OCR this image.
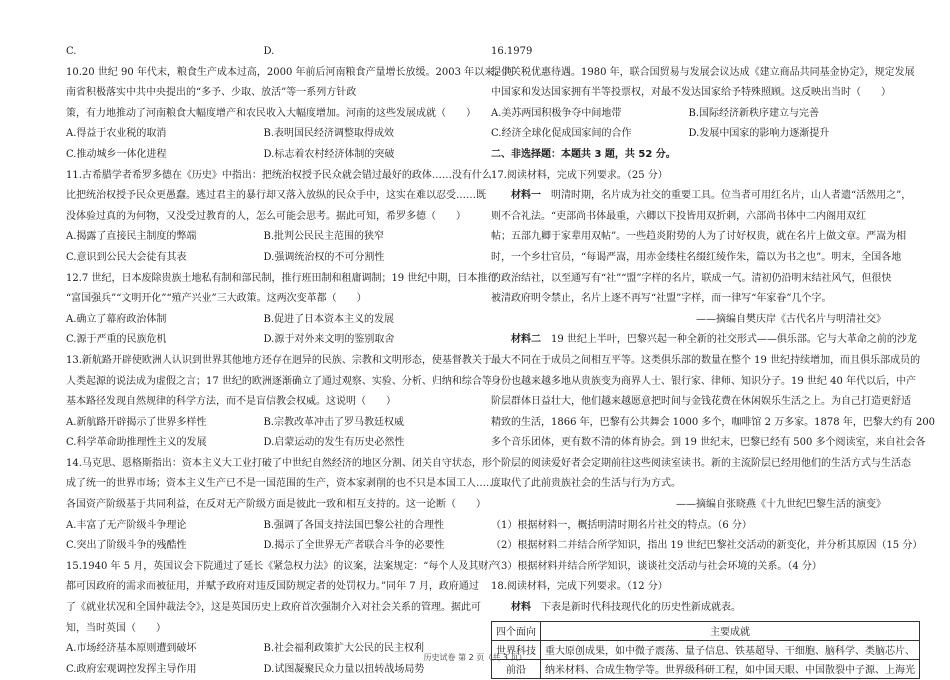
C.	D.
10.20 世纪 90 年代末，粮食生产成本过高，2000 年前后河南粮食产量增长放缓。2003 年以来，河
南省积极落实中共中央提出的“多予、少取、放活”等一系列方针政
策，有力地推动了河南粮食大幅度增产和农民收入大幅度增加。河南的这些发展成就（　　）
A.得益于农业税的取消	B.表明国民经济调整取得成效
C.推动城乡一体化进程	D.标志着农村经济体制的突破
11.古希腊学者希罗多德在《历史》中指出：把统治权授予民众就会错过最好的政体……没有什么
比把统治权授予民众更愚蠢。逃过君主的暴行却又落入放纵的民众手中，这实在难以忍受……既
没体验过真的为何物，又没受过教育的人，怎么可能会思考。据此可知，希罗多德（　　）
A.揭露了直接民主制度的弊端	B.批判公民民主范围的狭窄
C.意识到公民大会徒有其表	D.强调统治权的不可分割性
12.7 世纪，日本废除贵族土地私有制和部民制，推行班田制和租庸调制；19 世纪中期，日本推行
“富国强兵”“文明开化”“殖产兴业”三大政策。这两次变革都（　　）
A.确立了幕府政治体制	B.促进了日本资本主义的发展
C.源于严重的民族危机	D.源于对外来文明的鉴别取舍
13.新航路开辟使欧洲人认识到世界其他地方还存在迥异的民族、宗教和文明形态，使基督教关于
人类起源的说法成为虚假之言；17 世纪的欧洲逐渐确立了通过观察、实验、分析、归纳和综合等
基本路径发现自然规律的科学方法，而不是盲信教会权威。这说明（　　）
A.新航路开辟揭示了世界多样性	B.宗教改革冲击了罗马教廷权威
C.科学革命助推理性主义的发展	D.启蒙运动的发生有历史必然性
14.马克思、恩格斯指出：资本主义大工业打破了中世纪自然经济的地区分割、闭关自守状态，形
成了统一的世界市场；资本主义生产已不是一国范围的生产，资本家剥削的也不只是本国工人……
各国资产阶级基于共同利益，在反对无产阶级方面是彼此一致和相互支持的。这一论断（　　）
A.丰富了无产阶级斗争理论	B.强调了各国支持法国巴黎公社的合理性
C.突出了阶级斗争的残酷性	D.揭示了全世界无产者联合斗争的必要性
15.1940 年 5 月，英国议会下院通过了延长《紧急权力法》的议案，法案规定：“每个人及其财产
都可因政府的需求而被征用，并赋予政府对违反国防规定者的处罚权力。”同年 7 月，政府通过
了《就业状况和全国仲裁法令》，这是英国历史上政府首次强制介入对社会关系的管理。据此可
知，当时英国（　　）
A.市场经济基本原则遭到破坏	B.社会福利政策扩大公民的民主权利
C.政府宏观调控发挥主导作用	D.试图凝聚民众力量以扭转战场局势
16.1979
提供关税优惠待遇。1980 年，联合国贸易与发展会议达成《建立商品共同基金协定》，规定发展
中国家和发达国家拥有半等投票权，对最不发达国家给予特殊照顾。这反映出当时（　　）
A.美苏两国积极争夺中间地带	B.国际经济新秩序建立与完善
C.经济全球化促成国家间的合作	D.发展中国家的影响力逐渐提升
二、非选择题：本题共 3 题，共 52 分。
17.阅读材料，完成下列要求。（25 分）
材料一　 明清时期，名片成为社交的重要工具。位当者可用红名片，山人者遗“活然用之”，
则不合礼法。“吏部尚书体最重，六卿以下投皆用双折刺，六部尚书体中二内阁用双红
帖；五部九卿于家辈用双帖”。一些趋炎附势的人为了讨好权贵，就在名片上做文章。严嵩为相
时，一个乡壮官员，“每谒严嵩，用赤金缕柱名缀红绫作朱，篇以为书之也”。明末，全国各地
的政治结社，以至通写有“社”“盟”字样的名片，联成一气。清初仍沿明末结社风气，但很快
被清政府明令禁止，名片上逐不再写“社盟”字样，而一律写“年家眷”几个字。
——摘编自樊庆岸《古代名片与明清社交》
材料二　 19 世纪上半叶，巴黎兴起一种全新的社交形式——俱乐部。它与大革命之前的沙龙
最大不同在于成员之间相互平等。这类俱乐部的数量在整个 19 世纪持续增加，而且俱乐部成员的
身份也越来越多地从贵族变为商界人士、银行家、律师、知识分子。19 世纪 40 年代以后，中产
阶层群体日益壮大，他们越来越愿意把时间与金钱花费在休闲娱乐生活之上。为自己打造更舒适
精致的生活，1866 年，巴黎有公共舞会 1000 多个，咖啡馆 2 万多家。1878 年，巴黎大约有 200
多个音乐团体，更有数不清的体育协会。到 19 世纪末，巴黎已经有 500 多个阅读室，来自社会各
个阶层的阅读爱好者会定期前往这些阅读室读书。新的主流阶层已经用他们的生活方式与生活态
度取代了此前贵族社会的生活与行为方式。
——摘编自张晓燕《十九世纪巴黎生活的演变》
（1）根据材料一，概括明清时期名片社交的特点。（6 分）
（2）根据材料二并结合所学知识，指出 19 世纪巴黎社交活动的新变化，并分析其原因（15 分）
（3）根据材料并结合所学知识，谈谈社交活动与社会环境的关系。（4 分）
18.阅读材料，完成下列要求。（12 分）
材料　 下表是新时代科技现代化的历史性新成就表。
四个面向	主要成就
世界科技	重大原创成果，如中微子震荡、量子信息、铁基超导、干细胞、脑科学、类脑芯片、
前沿	纳米材料、合成生物学等。世界级科研工程，如中国天眼、中国散裂中子源、上海光
历史试卷 第 2 页（共 3 页）
